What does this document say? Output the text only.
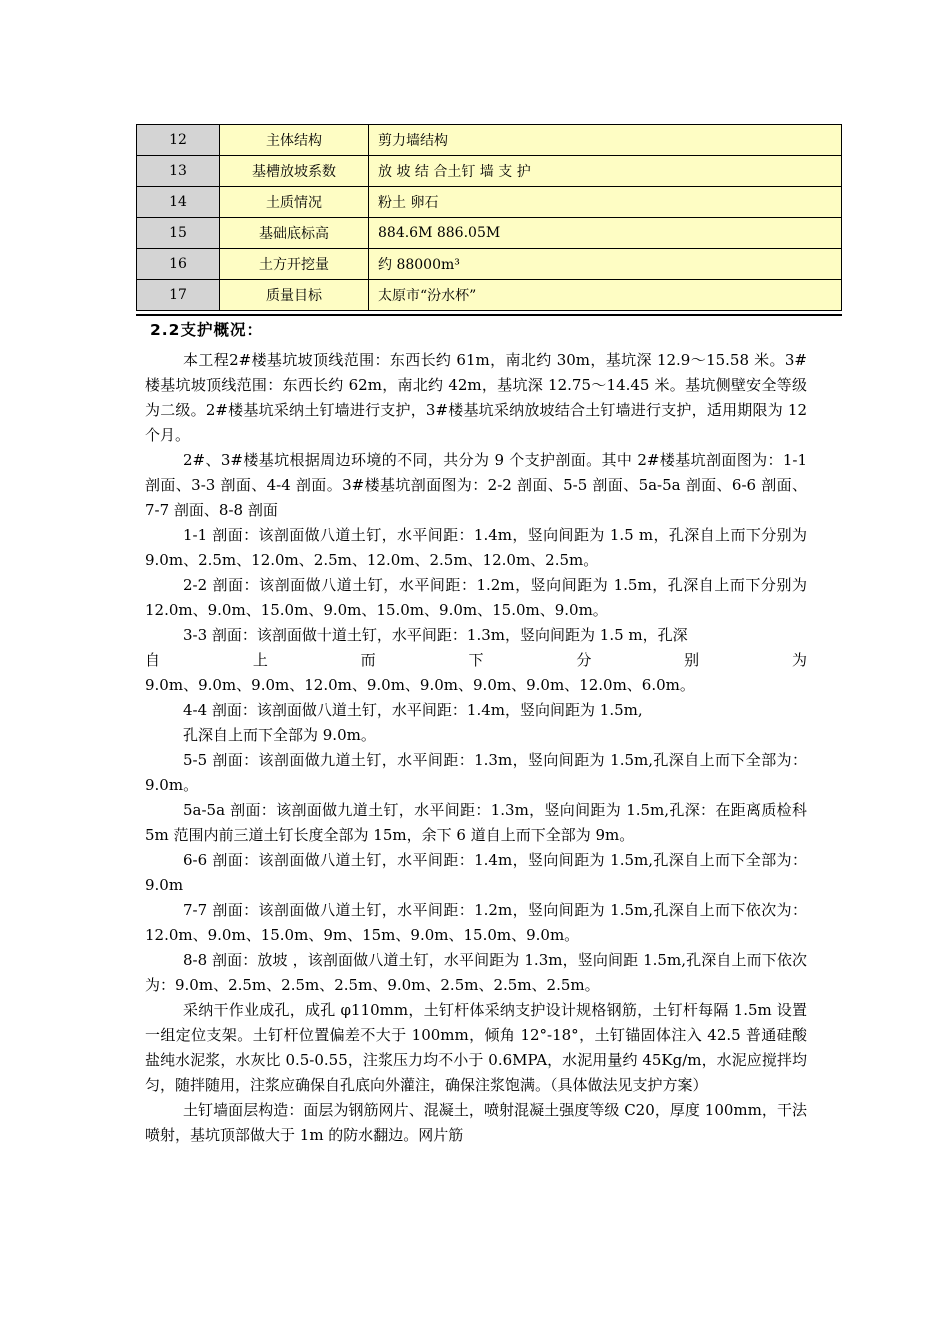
12	主体结构	剪力墙结构
13	基槽放坡系数	放 坡 结 合土钉 墙 支 护
14	土质情况	粉土 卵石
15	基础底标高	884.6M 886.05M
16	土方开挖量	约 88000m³
17	质量目标	太原市“汾水杯”
2.2支护概况：

本工程2#楼基坑坡顶线范围：东西长约 61m，南北约 30m，基坑深 12.9～15.58 米。3#楼基坑坡顶线范围：东西长约 62m，南北约 42m，基坑深 12.75～14.45 米。基坑侧壁安全等级为二级。2#楼基坑采纳土钉墙进行支护，3#楼基坑采纳放坡结合土钉墙进行支护，适用期限为 12 个月。

2#、3#楼基坑根据周边环境的不同，共分为 9 个支护剖面。其中 2#楼基坑剖面图为：1-1 剖面、3-3 剖面、4-4 剖面。3#楼基坑剖面图为：2-2 剖面、5-5 剖面、5a-5a 剖面、6-6 剖面、7-7 剖面、8-8 剖面

1-1 剖面：该剖面做八道土钉，水平间距：1.4m，竖向间距为 1.5 m，孔深自上而下分别为 9.0m、2.5m、12.0m、2.5m、12.0m、2.5m、12.0m、2.5m。

2-2 剖面：该剖面做八道土钉，水平间距：1.2m，竖向间距为 1.5m，孔深自上而下分别为 12.0m、9.0m、15.0m、9.0m、15.0m、9.0m、15.0m、9.0m。

3-3 剖面：该剖面做十道土钉，水平间距：1.3m，竖向间距为 1.5 m，孔深

自 上 而 下 分 别 为

9.0m、9.0m、9.0m、12.0m、9.0m、9.0m、9.0m、9.0m、12.0m、6.0m。

4-4 剖面：该剖面做八道土钉，水平间距：1.4m，竖向间距为 1.5m,

孔深自上而下全部为 9.0m。

5-5 剖面：该剖面做九道土钉，水平间距：1.3m，竖向间距为 1.5m,孔深自上而下全部为：9.0m。

5a-5a 剖面：该剖面做九道土钉，水平间距：1.3m，竖向间距为 1.5m,孔深：在距离质检科 5m 范围内前三道土钉长度全部为 15m，余下 6 道自上而下全部为 9m。

6-6 剖面：该剖面做八道土钉，水平间距：1.4m，竖向间距为 1.5m,孔深自上而下全部为：9.0m

7-7 剖面：该剖面做八道土钉，水平间距：1.2m，竖向间距为 1.5m,孔深自上而下依次为：12.0m、9.0m、15.0m、9m、15m、9.0m、15.0m、9.0m。

8-8 剖面：放坡 ，该剖面做八道土钉，水平间距为 1.3m，竖向间距 1.5m,孔深自上而下依次为：9.0m、2.5m、2.5m、2.5m、9.0m、2.5m、2.5m、2.5m。

采纳干作业成孔，成孔 φ110mm，土钉杆体采纳支护设计规格钢筋，土钉杆每隔 1.5m 设置一组定位支架。土钉杆位置偏差不大于 100mm，倾角 12°-18°，土钉锚固体注入 42.5 普通硅酸盐纯水泥浆，水灰比 0.5-0.55，注浆压力均不小于 0.6MPA，水泥用量约 45Kg/m，水泥应搅拌均匀，随拌随用，注浆应确保自孔底向外灌注，确保注浆饱满。（具体做法见支护方案）

土钉墙面层构造：面层为钢筋网片、混凝土，喷射混凝土强度等级 C20，厚度 100mm，干法喷射，基坑顶部做大于 1m 的防水翻边。网片筋
